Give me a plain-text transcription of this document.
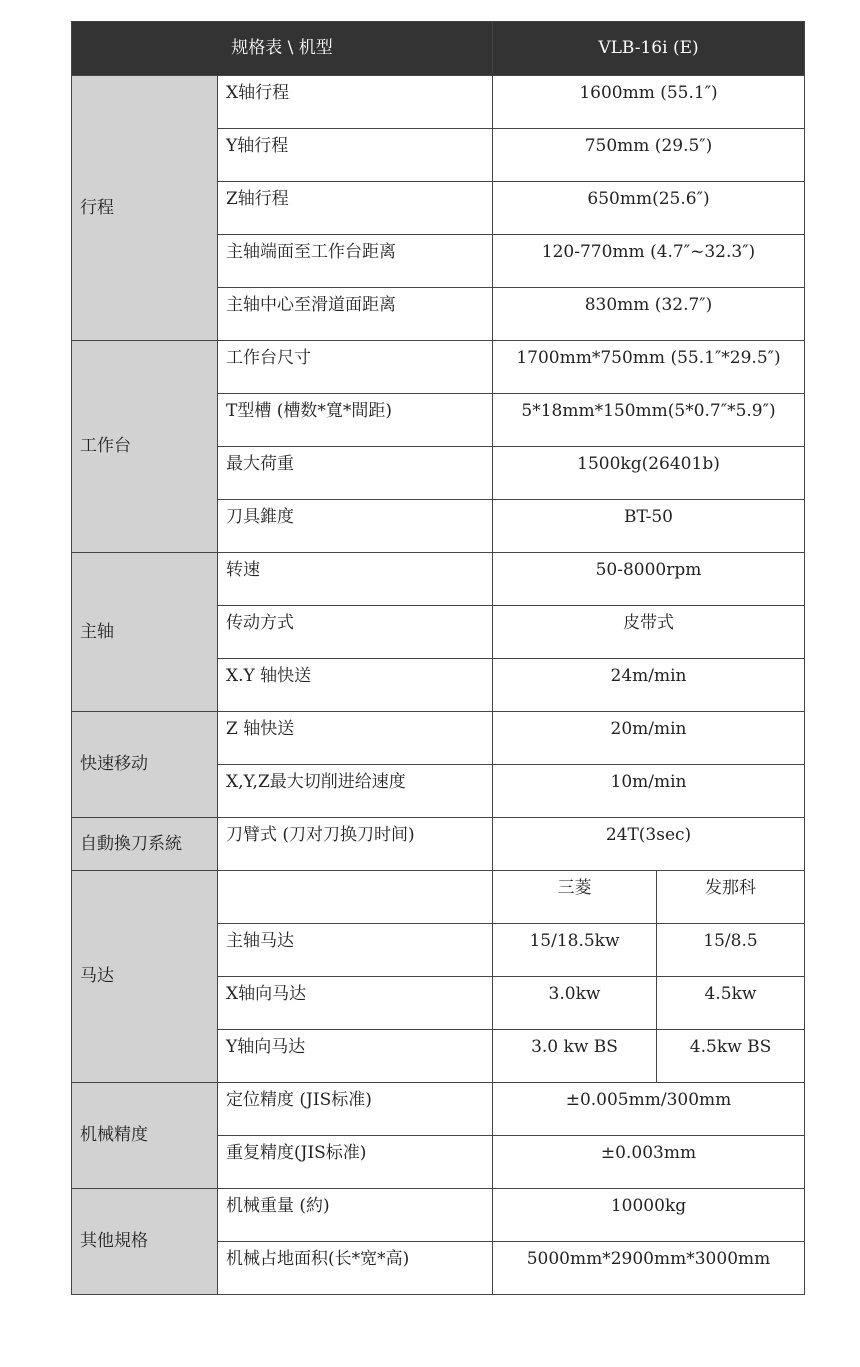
规格表 \ 机型		VLB-16i (E)	
行程	X轴行程	1600mm (55.1″)	
	Y轴行程	750mm (29.5″)	
	Z轴行程	650mm(25.6″)	
	主轴端面至工作台距离	120-770mm (4.7″~32.3″)	
	主轴中心至滑道面距离	830mm (32.7″)	
工作台	工作台尺寸	1700mm*750mm (55.1″*29.5″)	
	T型槽 (槽数*寬*間距)	5*18mm*150mm(5*0.7″*5.9″)	
	最大荷重	1500kg(26401b)	
	刀具錐度	BT-50	
主轴	转速	50-8000rpm	
	传动方式	皮带式	
	X.Y 轴快送	24m/min	
快速移动	Z 轴快送	20m/min	
	X,Y,Z最大切削进给速度	10m/min	
自動換刀系統	刀臂式 (刀对刀换刀时间)	24T(3sec)	
马达		三菱	发那科
	主轴马达	15/18.5kw	15/8.5
	X轴向马达	3.0kw	4.5kw
	Y轴向马达	3.0 kw BS	4.5kw BS
机械精度	定位精度 (JIS标准)	±0.005mm/300mm	
	重复精度(JIS标准)	±0.003mm	
其他規格	机械重量 (約)	10000kg	
	机械占地面积(长*宽*高)	5000mm*2900mm*3000mm	
